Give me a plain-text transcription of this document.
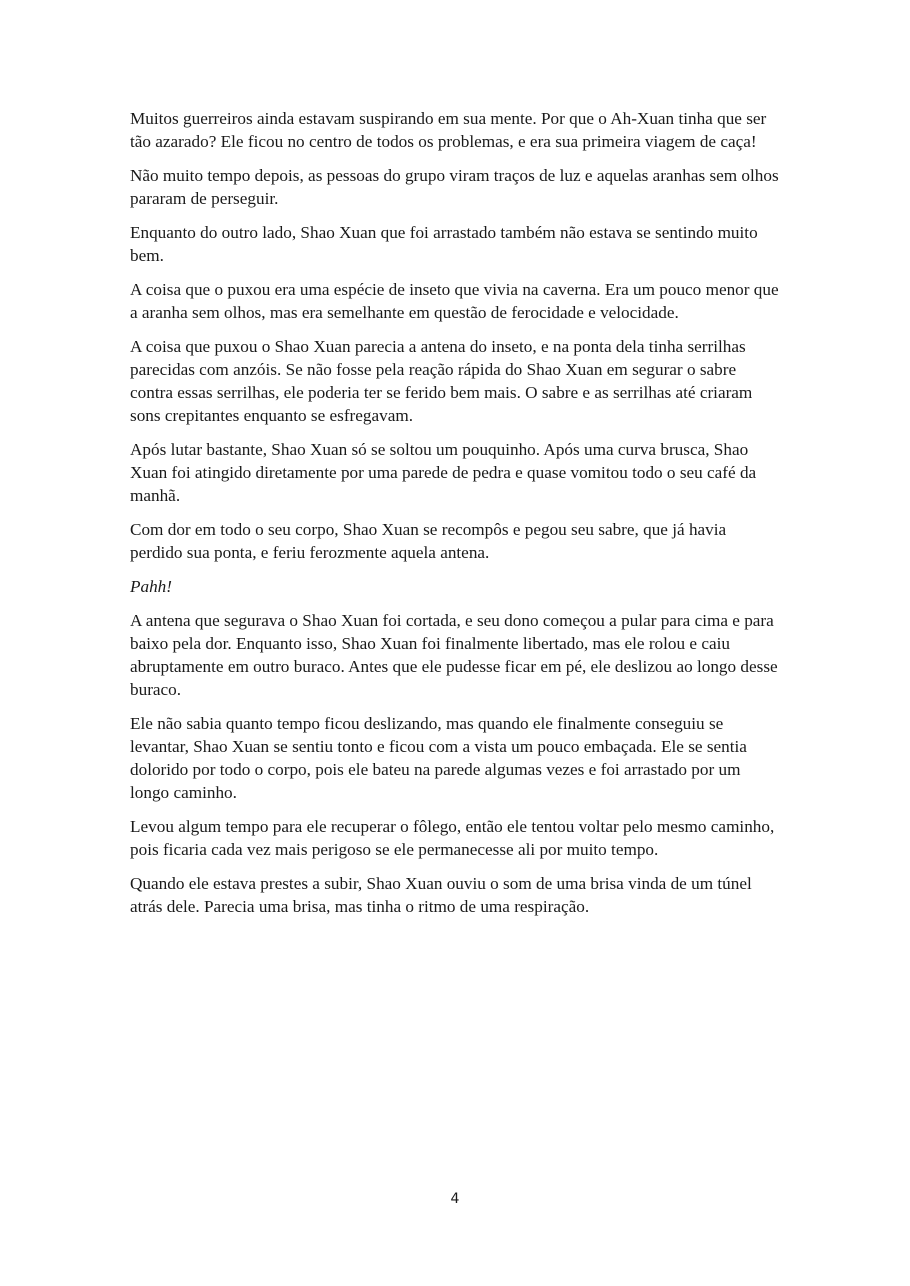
Muitos guerreiros ainda estavam suspirando em sua mente. Por que o Ah-Xuan tinha que ser tão azarado? Ele ficou no centro de todos os problemas, e era sua primeira viagem de caça!

Não muito tempo depois, as pessoas do grupo viram traços de luz e aquelas aranhas sem olhos pararam de perseguir.

Enquanto do outro lado, Shao Xuan que foi arrastado também não estava se sentindo muito bem.

A coisa que o puxou era uma espécie de inseto que vivia na caverna. Era um pouco menor que a aranha sem olhos, mas era semelhante em questão de ferocidade e velocidade.

A coisa que puxou o Shao Xuan parecia a antena do inseto, e na ponta dela tinha serrilhas parecidas com anzóis. Se não fosse pela reação rápida do Shao Xuan em segurar o sabre contra essas serrilhas, ele poderia ter se ferido bem mais. O sabre e as serrilhas até criaram sons crepitantes enquanto se esfregavam.

Após lutar bastante, Shao Xuan só se soltou um pouquinho. Após uma curva brusca, Shao Xuan foi atingido diretamente por uma parede de pedra e quase vomitou todo o seu café da manhã.

Com dor em todo o seu corpo, Shao Xuan se recompôs e pegou seu sabre, que já havia perdido sua ponta, e feriu ferozmente aquela antena.

Pahh!

A antena que segurava o Shao Xuan foi cortada, e seu dono começou a pular para cima e para baixo pela dor. Enquanto isso, Shao Xuan foi finalmente libertado, mas ele rolou e caiu abruptamente em outro buraco. Antes que ele pudesse ficar em pé, ele deslizou ao longo desse buraco.

Ele não sabia quanto tempo ficou deslizando, mas quando ele finalmente conseguiu se levantar, Shao Xuan se sentiu tonto e ficou com a vista um pouco embaçada. Ele se sentia dolorido por todo o corpo, pois ele bateu na parede algumas vezes e foi arrastado por um longo caminho.

Levou algum tempo para ele recuperar o fôlego, então ele tentou voltar pelo mesmo caminho, pois ficaria cada vez mais perigoso se ele permanecesse ali por muito tempo.

Quando ele estava prestes a subir, Shao Xuan ouviu o som de uma brisa vinda de um túnel atrás dele. Parecia uma brisa, mas tinha o ritmo de uma respiração.

4
